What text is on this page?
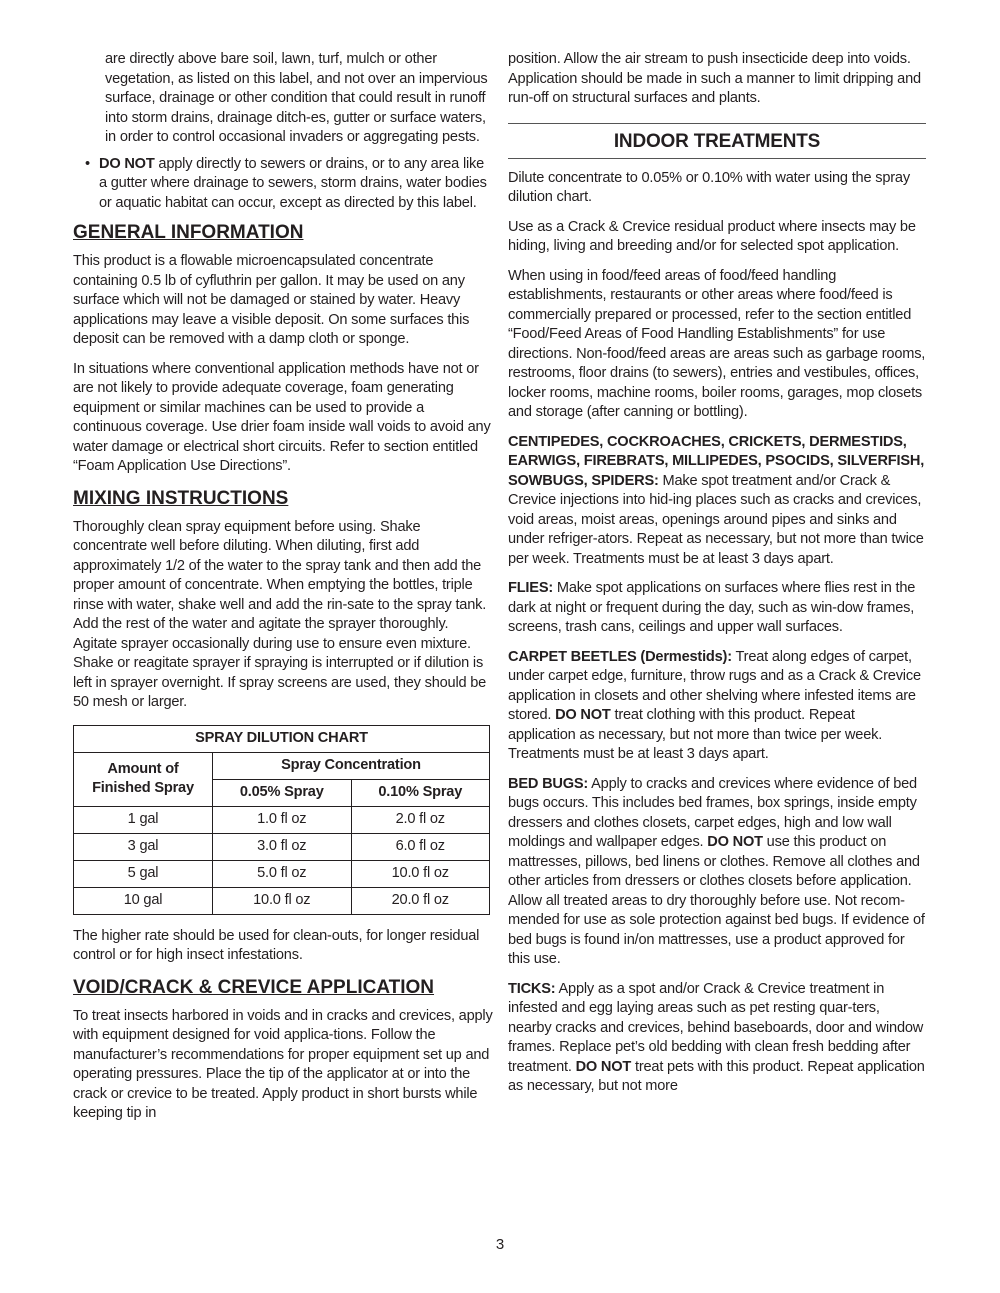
are directly above bare soil, lawn, turf, mulch or other vegetation, as listed on this label, and not over an impervious surface, drainage or other condition that could result in runoff into storm drains, drainage ditch-es, gutter or surface waters, in order to control occasional invaders or aggregating pests.

• DO NOT apply directly to sewers or drains, or to any area like a gutter where drainage to sewers, storm drains, water bodies or aquatic habitat can occur, except as directed by this label.
GENERAL INFORMATION

This product is a flowable microencapsulated concentrate containing 0.5 lb of cyfluthrin per gallon. It may be used on any surface which will not be damaged or stained by water. Heavy applications may leave a visible deposit. On some surfaces this deposit can be removed with a damp cloth or sponge.

In situations where conventional application methods have not or are not likely to provide adequate coverage, foam generating equipment or similar machines can be used to provide a continuous coverage. Use drier foam inside wall voids to avoid any water damage or electrical short circuits. Refer to section entitled “Foam Application Use Directions”.

MIXING INSTRUCTIONS

Thoroughly clean spray equipment before using. Shake concentrate well before diluting. When diluting, first add approximately 1/2 of the water to the spray tank and then add the proper amount of concentrate. When emptying the bottles, triple rinse with water, shake well and add the rin-sate to the spray tank. Add the rest of the water and agitate the sprayer thoroughly. Agitate sprayer occasionally during use to ensure even mixture. Shake or reagitate sprayer if spraying is interrupted or if dilution is left in sprayer overnight. If spray screens are used, they should be 50 mesh or larger.

SPRAY DILUTION CHART		
Amount of Finished Spray	Spray Concentration	
	0.05% Spray	0.10% Spray
1 gal	1.0 fl oz	2.0 fl oz
3 gal	3.0 fl oz	6.0 fl oz
5 gal	5.0 fl oz	10.0 fl oz
10 gal	10.0 fl oz	20.0 fl oz

The higher rate should be used for clean-outs, for longer residual control or for high insect infestations.

VOID/CRACK & CREVICE APPLICATION

To treat insects harbored in voids and in cracks and crevices, apply with equipment designed for void applica-tions. Follow the manufacturer’s recommendations for proper equipment set up and operating pressures. Place the tip of the applicator at or into the crack or crevice to be treated. Apply product in short bursts while keeping tip in

position. Allow the air stream to push insecticide deep into voids. Application should be made in such a manner to limit dripping and run-off on structural surfaces and plants.

INDOOR TREATMENTS

Dilute concentrate to 0.05% or 0.10% with water using the spray dilution chart.

Use as a Crack & Crevice residual product where insects may be hiding, living and breeding and/or for selected spot application.

When using in food/feed areas of food/feed handling establishments, restaurants or other areas where food/feed is commercially prepared or processed, refer to the section entitled “Food/Feed Areas of Food Handling Establishments” for use directions. Non-food/feed areas are areas such as garbage rooms, restrooms, floor drains (to sewers), entries and vestibules, offices, locker rooms, machine rooms, boiler rooms, garages, mop closets and storage (after canning or bottling).

CENTIPEDES, COCKROACHES, CRICKETS, DERMESTIDS, EARWIGS, FIREBRATS, MILLIPEDES, PSOCIDS, SILVERFISH, SOWBUGS, SPIDERS: Make spot treatment and/or Crack & Crevice injections into hid-ing places such as cracks and crevices, void areas, moist areas, openings around pipes and sinks and under refriger-ators. Repeat as necessary, but not more than twice per week. Treatments must be at least 3 days apart.

FLIES: Make spot applications on surfaces where flies rest in the dark at night or frequent during the day, such as win-dow frames, screens, trash cans, ceilings and upper wall surfaces.

CARPET BEETLES (Dermestids): Treat along edges of carpet, under carpet edge, furniture, throw rugs and as a Crack & Crevice application in closets and other shelving where infested items are stored. DO NOT treat clothing with this product. Repeat application as necessary, but not more than twice per week. Treatments must be at least 3 days apart.

BED BUGS: Apply to cracks and crevices where evidence of bed bugs occurs. This includes bed frames, box springs, inside empty dressers and clothes closets, carpet edges, high and low wall moldings and wallpaper edges. DO NOT use this product on mattresses, pillows, bed linens or clothes. Remove all clothes and other articles from dressers or clothes closets before application. Allow all treated areas to dry thoroughly before use. Not recom-mended for use as sole protection against bed bugs. If evidence of bed bugs is found in/on mattresses, use a product approved for this use.

TICKS: Apply as a spot and/or Crack & Crevice treatment in infested and egg laying areas such as pet resting quar-ters, nearby cracks and crevices, behind baseboards, door and window frames. Replace pet’s old bedding with clean fresh bedding after treatment. DO NOT treat pets with this product. Repeat application as necessary, but not more

3
